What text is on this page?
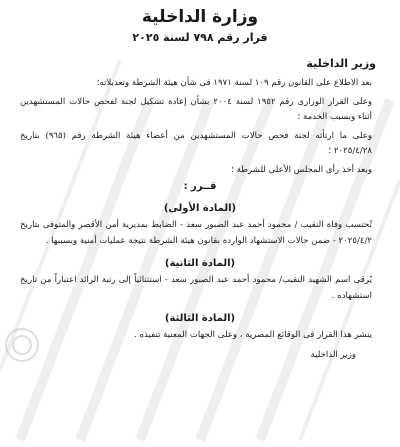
وزارة الداخلية
قرار رقم ٧٩٨ لسنة ٢٠٢٥
وزير الداخلية

بعد الاطلاع على القانون رقم ١٠٩ لسنة ١٩٧١ فى شأن هيئة الشرطة وتعديلاته؛

وعلى القرار الوزارى رقم ١٩٥٢ لسنة ٢٠٠٤ بشأن إعادة تشكيل لجنة لفحص حالات المستشهدين أثناء وبسبب الخدمة ؛

وعلى ما ارتأته لجنة فحص حالات المستشهدين من أعضاء هيئة الشرطة رقم (٩٦٥) بتاريخ ٢٠٢٥/٤/٢٨ ؛

وبعد أخذ رأى المجلس الأعلى للشرطة ؛

قــرر :
(المادة الأولى)

تُحتسب وفاة النقيب / محمود أحمد عبد الصبور سعد - الضابط بمديرية أمن الأقصر والمتوفى بتاريخ ٢٠٢٥/٤/٢ - ضمن حالات الاستشهاد الواردة بقانون هيئة الشرطة نتيجة عمليات أمنية وبسببها .

(المادة الثانية)

يُرقى اسم الشهيد النقيب/ محمود أحمد عبد الصبور سعد - استثنائياً إلى رتبة الرائد اعتباراً من تاريخ استشهاده .

(المادة الثالثة)

ينشر هذا القرار فى الوقائع المصرية ، وعلى الجهات المعنية تنفيذه .

وزير الداخلية
